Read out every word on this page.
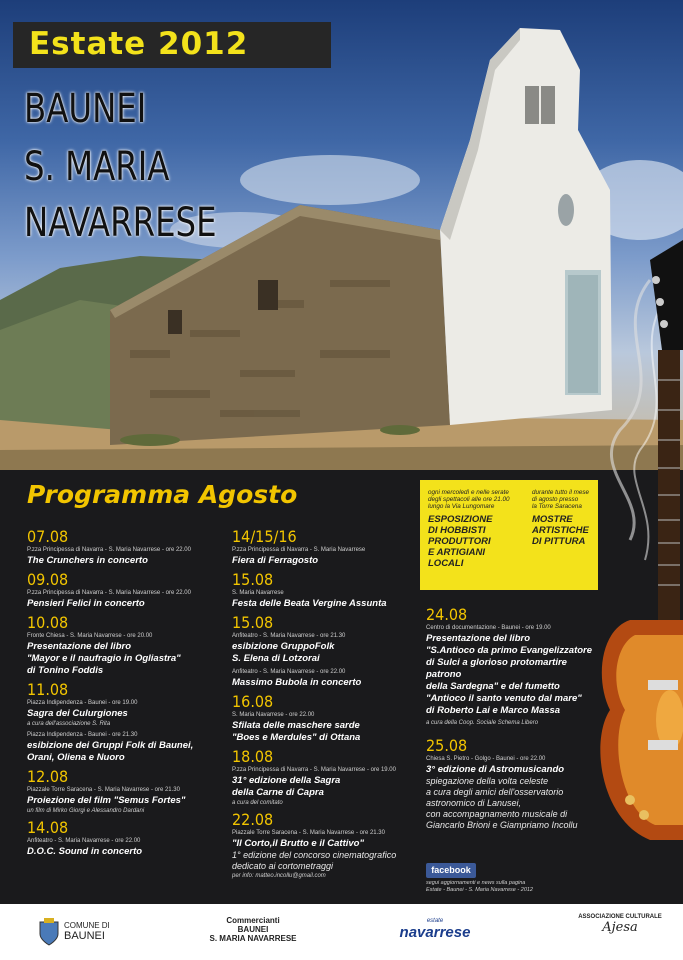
Estate 2012
BAUNEI
S. MARIA
NAVARRESE
Programma Agosto
07.08
P.zza Principessa di Navarra - S. Maria Navarrese - ore 22.00
The Crunchers in concerto
09.08
P.zza Principessa di Navarra - S. Maria Navarrese - ore 22.00
Pensieri Felici in concerto
10.08
Fronte Chiesa - S. Maria Navarrese - ore 20.00
Presentazione del libro
"Mayor e il naufragio in Ogliastra"
di Tonino Foddis
11.08
Piazza Indipendenza - Baunei - ore 19.00
Sagra dei Culurgiones
a cura dell'associazione S. Rita
Piazza Indipendenza - Baunei - ore 21.30
esibizione dei Gruppi Folk di Baunei,
Orani, Oliena e Nuoro
12.08
Piazzale Torre Saracena - S. Maria Navarrese - ore 21.30
Proiezione del film "Semus Fortes"
un film di Mirko Giorgi e Alessandro Dardani
14.08
Anfiteatro - S. Maria Navarrese - ore 22.00
D.O.C. Sound in concerto
14/15/16
P.zza Principessa di Navarra - S. Maria Navarrese
Fiera di Ferragosto
15.08
S. Maria Navarrese
Festa delle Beata Vergine Assunta
15.08
Anfiteatro - S. Maria Navarrese - ore 21.30
esibizione GruppoFolk
S. Elena di Lotzorai
Anfiteatro - S. Maria Navarrese - ore 22.00
Massimo Bubola in concerto
16.08
S. Maria Navarrese - ore 22.00
Sfilata delle maschere sarde
"Boes e Merdules" di Ottana
18.08
P.zza Principessa di Navarra - S. Maria Navarrese - ore 19.00
31° edizione della Sagra
della Carne di Capra
a cura del comitato
22.08
Piazzale Torre Saracena - S. Maria Navarrese - ore 21.30
"Il Corto,il Brutto e il Cattivo"
1° edizione del concorso cinematografico
dedicato ai cortometraggi
per info: matteo.incollu@gmail.com
ogni mercoledì e nelle serate
degli spettacoli alle ore 21.00
lungo la Via Lungomare
durante tutto il mese
di agosto presso
la Torre Saracena
ESPOSIZIONE
DI HOBBISTI
PRODUTTORI
E ARTIGIANI
LOCALI
MOSTRE
ARTISTICHE
DI PITTURA
24.08
Centro di documentazione - Baunei - ore 19.00
Presentazione del libro
"S.Antioco da primo Evangelizzatore
di Sulci a glorioso protomartire patrono
della Sardegna" e del fumetto
"Antioco il santo venuto dal mare"
di Roberto Lai e Marco Massa
a cura della Coop. Sociale Schema Libero
25.08
Chiesa S. Pietro - Golgo - Baunei - ore 22.00
3° edizione di Astromusicando
spiegazione della volta celeste
a cura degli amici dell'osservatorio
astronomico di Lanusei,
con accompagnamento musicale di
Giancarlo Brioni e Giampriamo Incollu
facebook
segui aggiornamenti e news sulla pagina
Estate - Baunei - S. Maria Navarrese - 2012
COMUNE DI
BAUNEI
Commercianti
BAUNEI
S. MARIA NAVARRESE
estate
navarrese
ASSOCIAZIONE CULTURALE
Ajesa
